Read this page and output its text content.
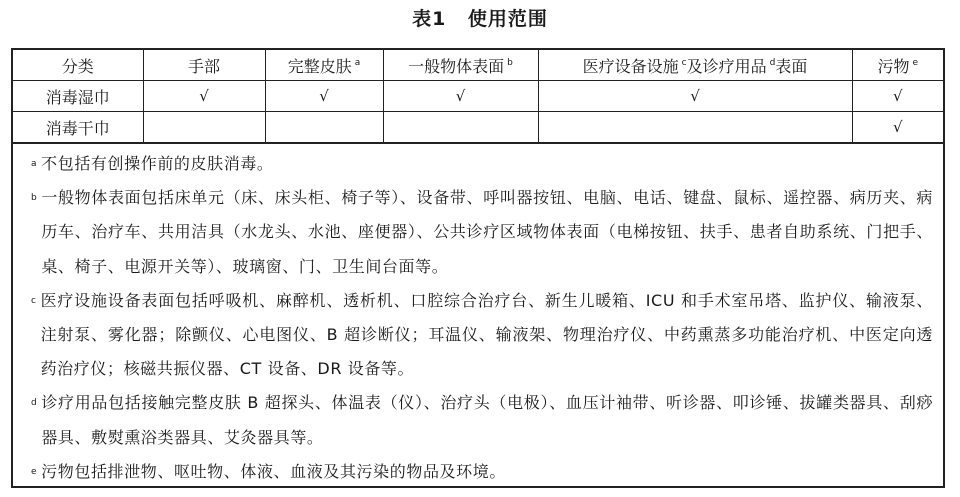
表1 使用范围
分类	手部	完整皮肤 $^a$	一般物体表面 $^b$	医疗设备设施 $^c$及诊疗用品 $^d$表面	污物 $^e$
消毒湿巾	√	√	√	√	√
消毒干巾					√
a 不包括有创操作前的皮肤消毒。
b 一般物体表面包括床单元（床、床头柜、椅子等）、设备带、呼叫器按钮、电脑、电话、键盘、鼠标、遥控器、病历夹、病历车、治疗车、共用洁具（水龙头、水池、座便器）、公共诊疗区域物体表面（电梯按钮、扶手、患者自助系统、门把手、桌、椅子、电源开关等）、玻璃窗、门、卫生间台面等。
c 医疗设施设备表面包括呼吸机、麻醉机、透析机、口腔综合治疗台、新生儿暖箱、ICU 和手术室吊塔、监护仪、输液泵、注射泵、雾化器；除颤仪、心电图仪、B 超诊断仪；耳温仪、输液架、物理治疗仪、中药熏蒸多功能治疗机、中医定向透药治疗仪；核磁共振仪器、CT 设备、DR 设备等。
d 诊疗用品包括接触完整皮肤 B 超探头、体温表（仪）、治疗头（电极）、血压计袖带、听诊器、叩诊锤、拔罐类器具、刮痧器具、敷熨熏浴类器具、艾灸器具等。
e 污物包括排泄物、呕吐物、体液、血液及其污染的物品及环境。
